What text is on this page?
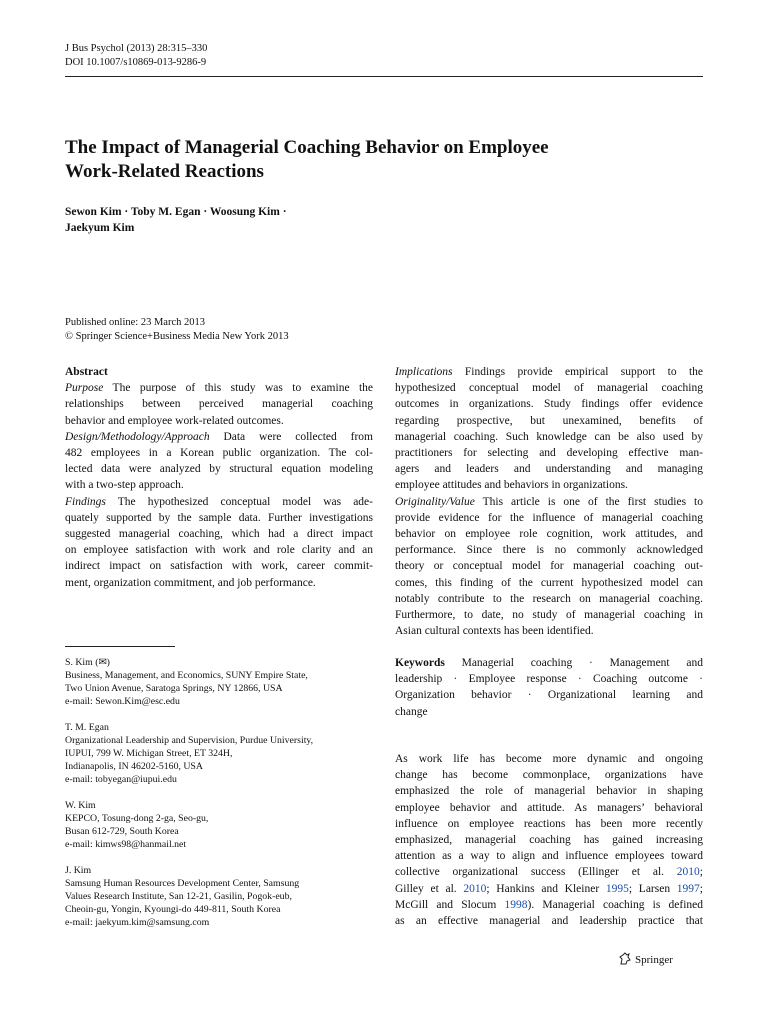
J Bus Psychol (2013) 28:315–330
DOI 10.1007/s10869-013-9286-9
The Impact of Managerial Coaching Behavior on Employee
Work-Related Reactions
Sewon Kim · Toby M. Egan · Woosung Kim ·
Jaekyum Kim
Published online: 23 March 2013
© Springer Science+Business Media New York 2013
Abstract

Purpose The purpose of this study was to examine the

relationships between perceived managerial coaching

behavior and employee work-related outcomes.

Design/Methodology/Approach Data were collected from

482 employees in a Korean public organization. The col-

lected data were analyzed by structural equation modeling

with a two-step approach.

Findings The hypothesized conceptual model was ade-

quately supported by the sample data. Further investigations

suggested managerial coaching, which had a direct impact

on employee satisfaction with work and role clarity and an

indirect impact on satisfaction with work, career commit-

ment, organization commitment, and job performance.

Implications Findings provide empirical support to the

hypothesized conceptual model of managerial coaching

outcomes in organizations. Study findings offer evidence

regarding prospective, but unexamined, benefits of

managerial coaching. Such knowledge can be also used by

practitioners for selecting and developing effective man-

agers and leaders and understanding and managing

employee attitudes and behaviors in organizations.

Originality/Value This article is one of the first studies to

provide evidence for the influence of managerial coaching

behavior on employee role cognition, work attitudes, and

performance. Since there is no commonly acknowledged

theory or conceptual model for managerial coaching out-

comes, this finding of the current hypothesized model can

notably contribute to the research on managerial coaching.

Furthermore, to date, no study of managerial coaching in

Asian cultural contexts has been identified.

Keywords Managerial coaching · Management and

leadership · Employee response · Coaching outcome ·

Organization behavior · Organizational learning and

change

As work life has become more dynamic and ongoing

change has become commonplace, organizations have

emphasized the role of managerial behavior in shaping

employee behavior and attitude. As managers’ behavioral

influence on employee reactions has been more recently

emphasized, managerial coaching has gained increasing

attention as a way to align and influence employees toward

collective organizational success (Ellinger et al. 2010;

Gilley et al. 2010; Hankins and Kleiner 1995; Larsen 1997;

McGill and Slocum 1998). Managerial coaching is defined

as an effective managerial and leadership practice that

S. Kim (✉)
Business, Management, and Economics, SUNY Empire State,
Two Union Avenue, Saratoga Springs, NY 12866, USA
e-mail: Sewon.Kim@esc.edu
T. M. Egan
Organizational Leadership and Supervision, Purdue University,
IUPUI, 799 W. Michigan Street, ET 324H,
Indianapolis, IN 46202-5160, USA
e-mail: tobyegan@iupui.edu
W. Kim
KEPCO, Tosung-dong 2-ga, Seo-gu,
Busan 612-729, South Korea
e-mail: kimws98@hanmail.net
J. Kim
Samsung Human Resources Development Center, Samsung
Values Research Institute, San 12-21, Gasilin, Pogok-eub,
Cheoin-gu, Yongin, Kyoungi-do 449-811, South Korea
e-mail: jaekyum.kim@samsung.com
Springer
